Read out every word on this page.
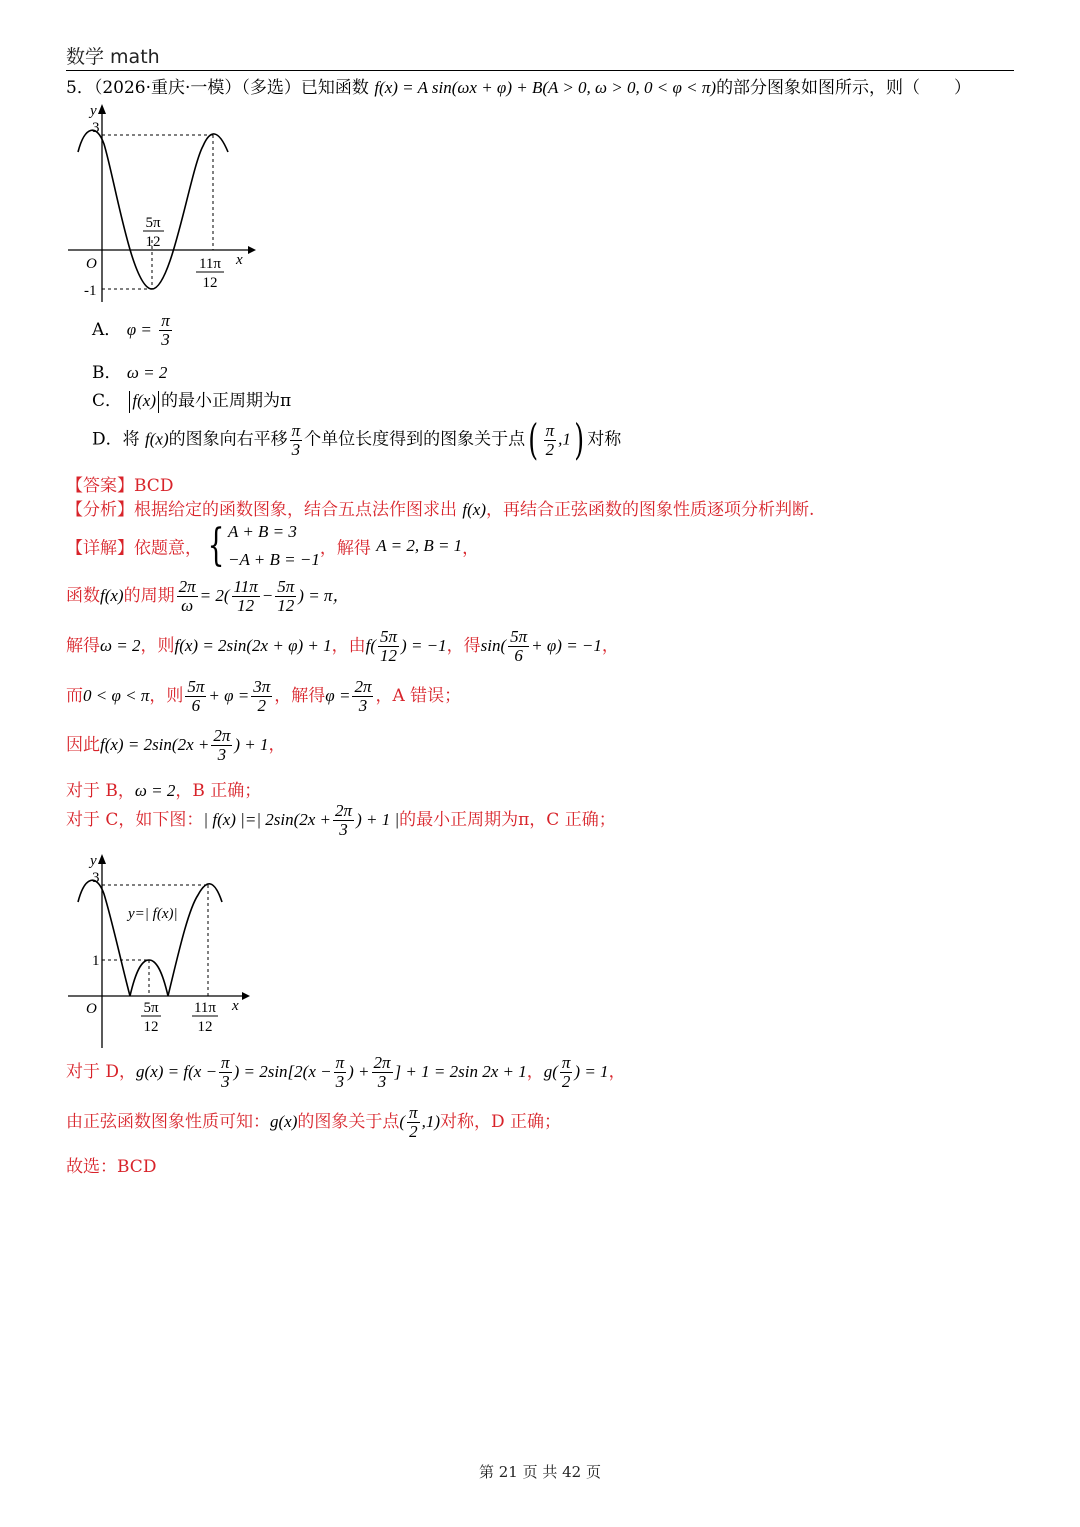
数学 math
5．（2026·重庆·一模）（多选）已知函数 f(x) = A sin(ωx + φ) + B(A > 0, ω > 0, 0 < φ < π)的部分图象如图所示，则（　　）
y
3
-1
O	x
5π
12
11π
12
A． $\varphi = \frac{\pi}{3}$
B． ω = 2
C． f(x) 的最小正周期为π
D．将 f(x)的图象向右平移 $\frac{\pi}{3}$ 个单位长度得到的图象关于点( $\frac{\pi}{2} ,1$) 对称
【答案】BCD
【分析】根据给定的函数图象，结合五点法作图求出 f(x)，再结合正弦函数的图象性质逐项分析判断.
【详解】依题意， { A + B = 3
−A + B = −1
，解得 A = 2, B = 1，
函数f(x)的周期 $\frac{2\pi}{\omega} = 2( \frac{11\pi}{12} - \frac{5\pi}{12}$ ) = π，
解得ω = 2，则f(x) = 2sin(2x + φ) + 1，由$f( \frac{5\pi}{12}$ ) = −1，得$\sin( \frac{5\pi}{6} + \varphi) = -1$，
而0 < φ < π，则 $\frac{5\pi}{6} + \varphi = \frac{3\pi}{2}$ ，解得$\varphi = \frac{2\pi}{3}$ ，A 错误；
因此$f(x) = 2\sin(2x + \frac{2\pi}{3}$ ) + 1，
对于 B，ω = 2，B 正确；
对于 C，如下图：| f(x) |=| $2\sin(2x + \frac{2\pi}{3}$ ) + 1 |的最小正周期为π，C 正确；
y
3
1
O	x
y=| f(x)|
5π
12
11π
12
对于 D，$g(x) = f(x - \frac{\pi}{3}$ ) = $2\sin[2(x - \frac{\pi}{3}$ ) + $\frac{2\pi}{3}$ ] + 1 = 2sin 2x + 1，$g( \frac{\pi}{2}$ ) = 1，
由正弦函数图象性质可知：g(x)的图象关于点( $\frac{\pi}{2} ,1$)对称，D 正确；
故选：BCD
第 21 页 共 42 页
